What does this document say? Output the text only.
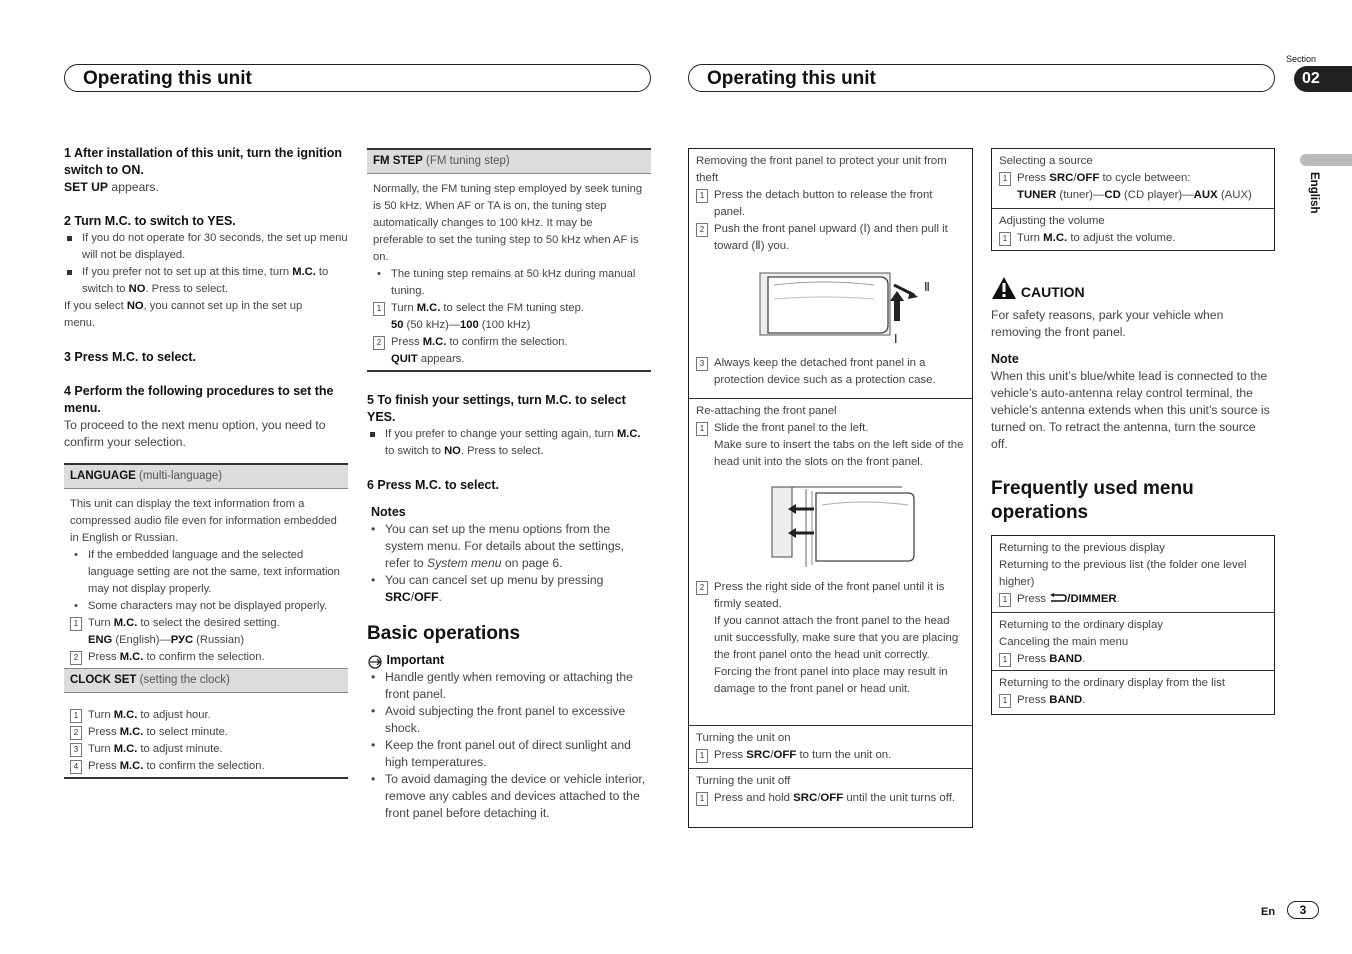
Operating this unit	Operating this unit
Section
02
English
1 After installation of this unit, turn the ignition switch to ON.
SET UP appears.
2 Turn M.C. to switch to YES.
If you do not operate for 30 seconds, the set up menu will not be displayed.
If you prefer not to set up at this time, turn M.C. to switch to NO. Press to select.
If you select NO, you cannot set up in the set up menu.
3 Press M.C. to select.
4 Perform the following procedures to set the menu.
To proceed to the next menu option, you need to confirm your selection.
LANGUAGE (multi-language)
This unit can display the text information from a compressed audio file even for information embedded in English or Russian.
• If the embedded language and the selected language setting are not the same, text information may not display properly.
• Some characters may not be displayed properly.
1 Turn M.C. to select the desired setting.
ENG (English)—РУС (Russian)
2 Press M.C. to confirm the selection.
CLOCK SET (setting the clock)
1 Turn M.C. to adjust hour.
2 Press M.C. to select minute.
3 Turn M.C. to adjust minute.
4 Press M.C. to confirm the selection.
FM STEP (FM tuning step)
Normally, the FM tuning step employed by seek tuning is 50 kHz. When AF or TA is on, the tuning step automatically changes to 100 kHz. It may be preferable to set the tuning step to 50 kHz when AF is on.
• The tuning step remains at 50 kHz during manual tuning.
1 Turn M.C. to select the FM tuning step.
50 (50 kHz)—100 (100 kHz)
2 Press M.C. to confirm the selection.
QUIT appears.
5 To finish your settings, turn M.C. to select YES.
If you prefer to change your setting again, turn M.C. to switch to NO. Press to select.
6 Press M.C. to select.
Notes
• You can set up the menu options from the system menu. For details about the settings, refer to System menu on page 6.
• You can cancel set up menu by pressing SRC/OFF.
Basic operations
Important
• Handle gently when removing or attaching the front panel.
• Avoid subjecting the front panel to excessive shock.
• Keep the front panel out of direct sunlight and high temperatures.
• To avoid damaging the device or vehicle interior, remove any cables and devices attached to the front panel before detaching it.
Removing the front panel to protect your unit from theft
1 Press the detach button to release the front panel.
2 Push the front panel upward (Ⅰ) and then pull it toward (Ⅱ) you.
Ⅱ
Ⅰ
3 Always keep the detached front panel in a protection device such as a protection case.
Re-attaching the front panel
1 Slide the front panel to the left.
Make sure to insert the tabs on the left side of the head unit into the slots on the front panel.
2 Press the right side of the front panel until it is firmly seated.
If you cannot attach the front panel to the head unit successfully, make sure that you are placing the front panel onto the head unit correctly. Forcing the front panel into place may result in damage to the front panel or head unit.
Turning the unit on
1 Press SRC/OFF to turn the unit on.
Turning the unit off
1 Press and hold SRC/OFF until the unit turns off.
Selecting a source
1 Press SRC/OFF to cycle between:
TUNER (tuner)—CD (CD player)—AUX (AUX)
Adjusting the volume
1 Turn M.C. to adjust the volume.
CAUTION
For safety reasons, park your vehicle when removing the front panel.
Note
When this unit’s blue/white lead is connected to the vehicle’s auto-antenna relay control terminal, the vehicle’s antenna extends when this unit’s source is turned on. To retract the antenna, turn the source off.
Frequently used menu operations
Returning to the previous display
Returning to the previous list (the folder one level higher)
1 Press /DIMMER.
Returning to the ordinary display
Canceling the main menu
1 Press BAND.
Returning to the ordinary display from the list
1 Press BAND.
En	3
